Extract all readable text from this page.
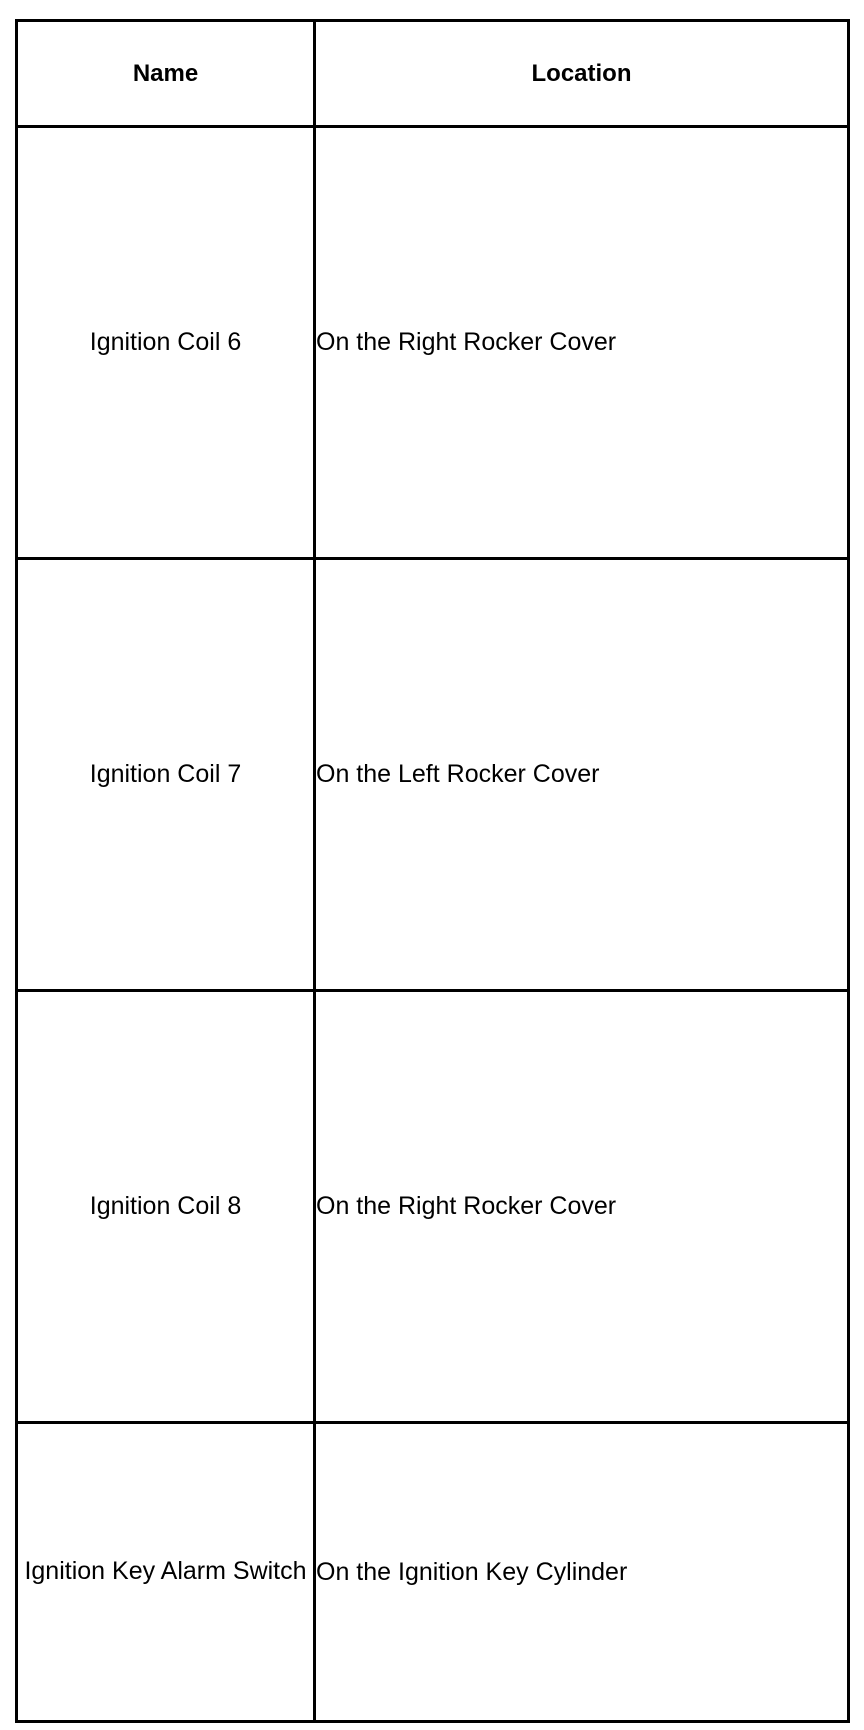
Name	Location
Ignition Coil 6	On the Right Rocker Cover
Ignition Coil 7	On the Left Rocker Cover
Ignition Coil 8	On the Right Rocker Cover
Ignition Key Alarm Switch	On the Ignition Key Cylinder
